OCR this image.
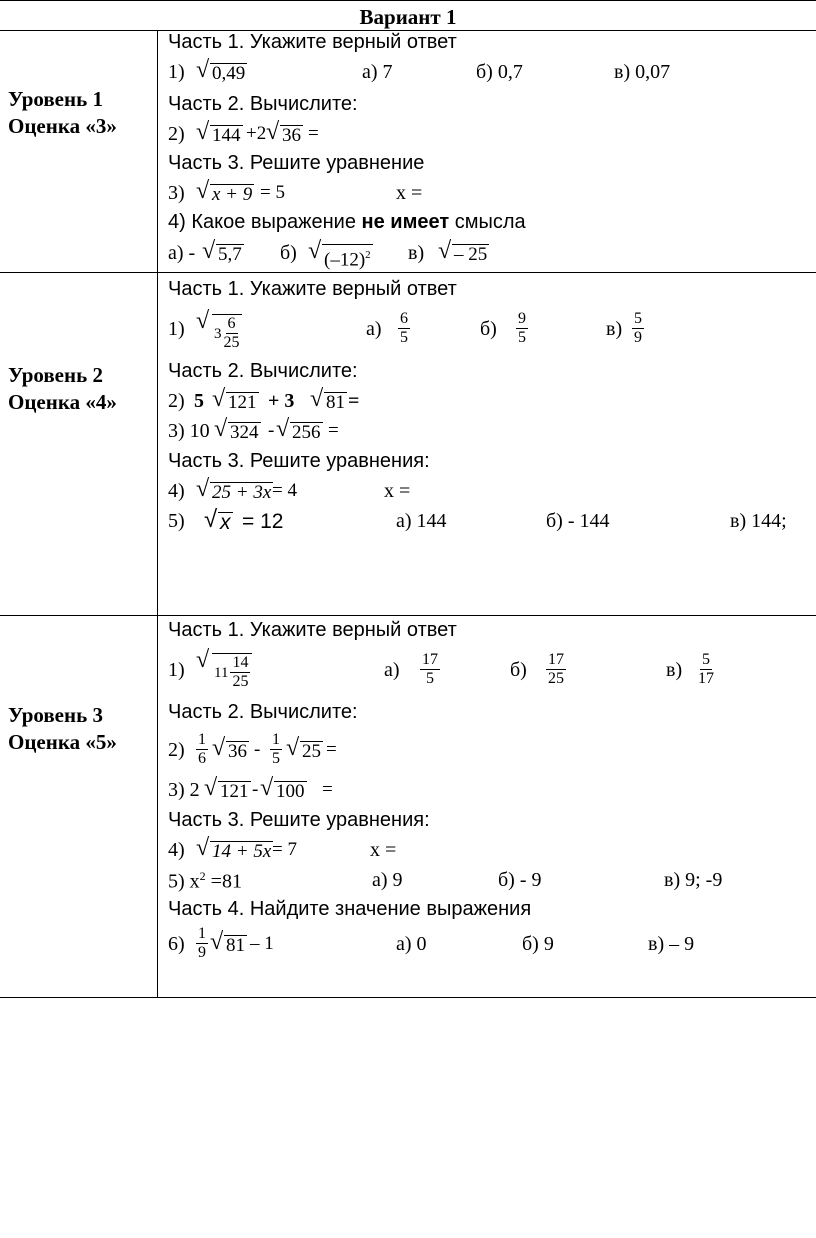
Вариант 1
Уровень 1
Оценка «3»
Часть 1. Укажите верный ответ
1)	√ 0,49	а) 7	б) 0,7	в) 0,07
Часть 2. Вычислите:
2)	√ 144 +2 √ 36 =
Часть 3. Решите уравнение
3)	√ x + 9 = 5	x =
4) Какое выражение не имеет смысла
а) -	√ 5,7 б)	√ $(-12)^2$ в)	√ – 25
Уровень 2
Оценка «4»
Часть 1. Укажите верный ответ
1) √ $3 \frac{6}{25}$	$а) \frac{6}{5}$	$б) \frac{9}{5}$	$в) \frac{5}{9}$
Часть 2. Вычислите:
2) 5	√ 121 + 3	√ 81 =
3) 10	√ 324 - √ 256 =
Часть 3. Решите уравнения:
4)	√ 25 + 3x = 4	x =
5)	√ x = 12	а) 144	б) - 144	в) 144;
Уровень 3
Оценка «5»
Часть 1. Укажите верный ответ
1) √ $11 \frac{14}{25}$	$а) \frac{17}{5}$	$б) \frac{17}{25}$	$в) \frac{5}{17}$
Часть 2. Вычислите:
$2) \frac{1}{6}$	√ $36 - \frac{1}{5}$	√ 25 =
3) 2	√ 121 - √ 100 =
Часть 3. Решите уравнения:
4)	√ 14 + 5x = 7	x =
5) $x^2 =81$	а) 9	б) - 9	в) 9; -9
Часть 4. Найдите значение выражения
$6) \frac{1}{9}$ √ 81 – 1	а) 0	б) 9	в) – 9
